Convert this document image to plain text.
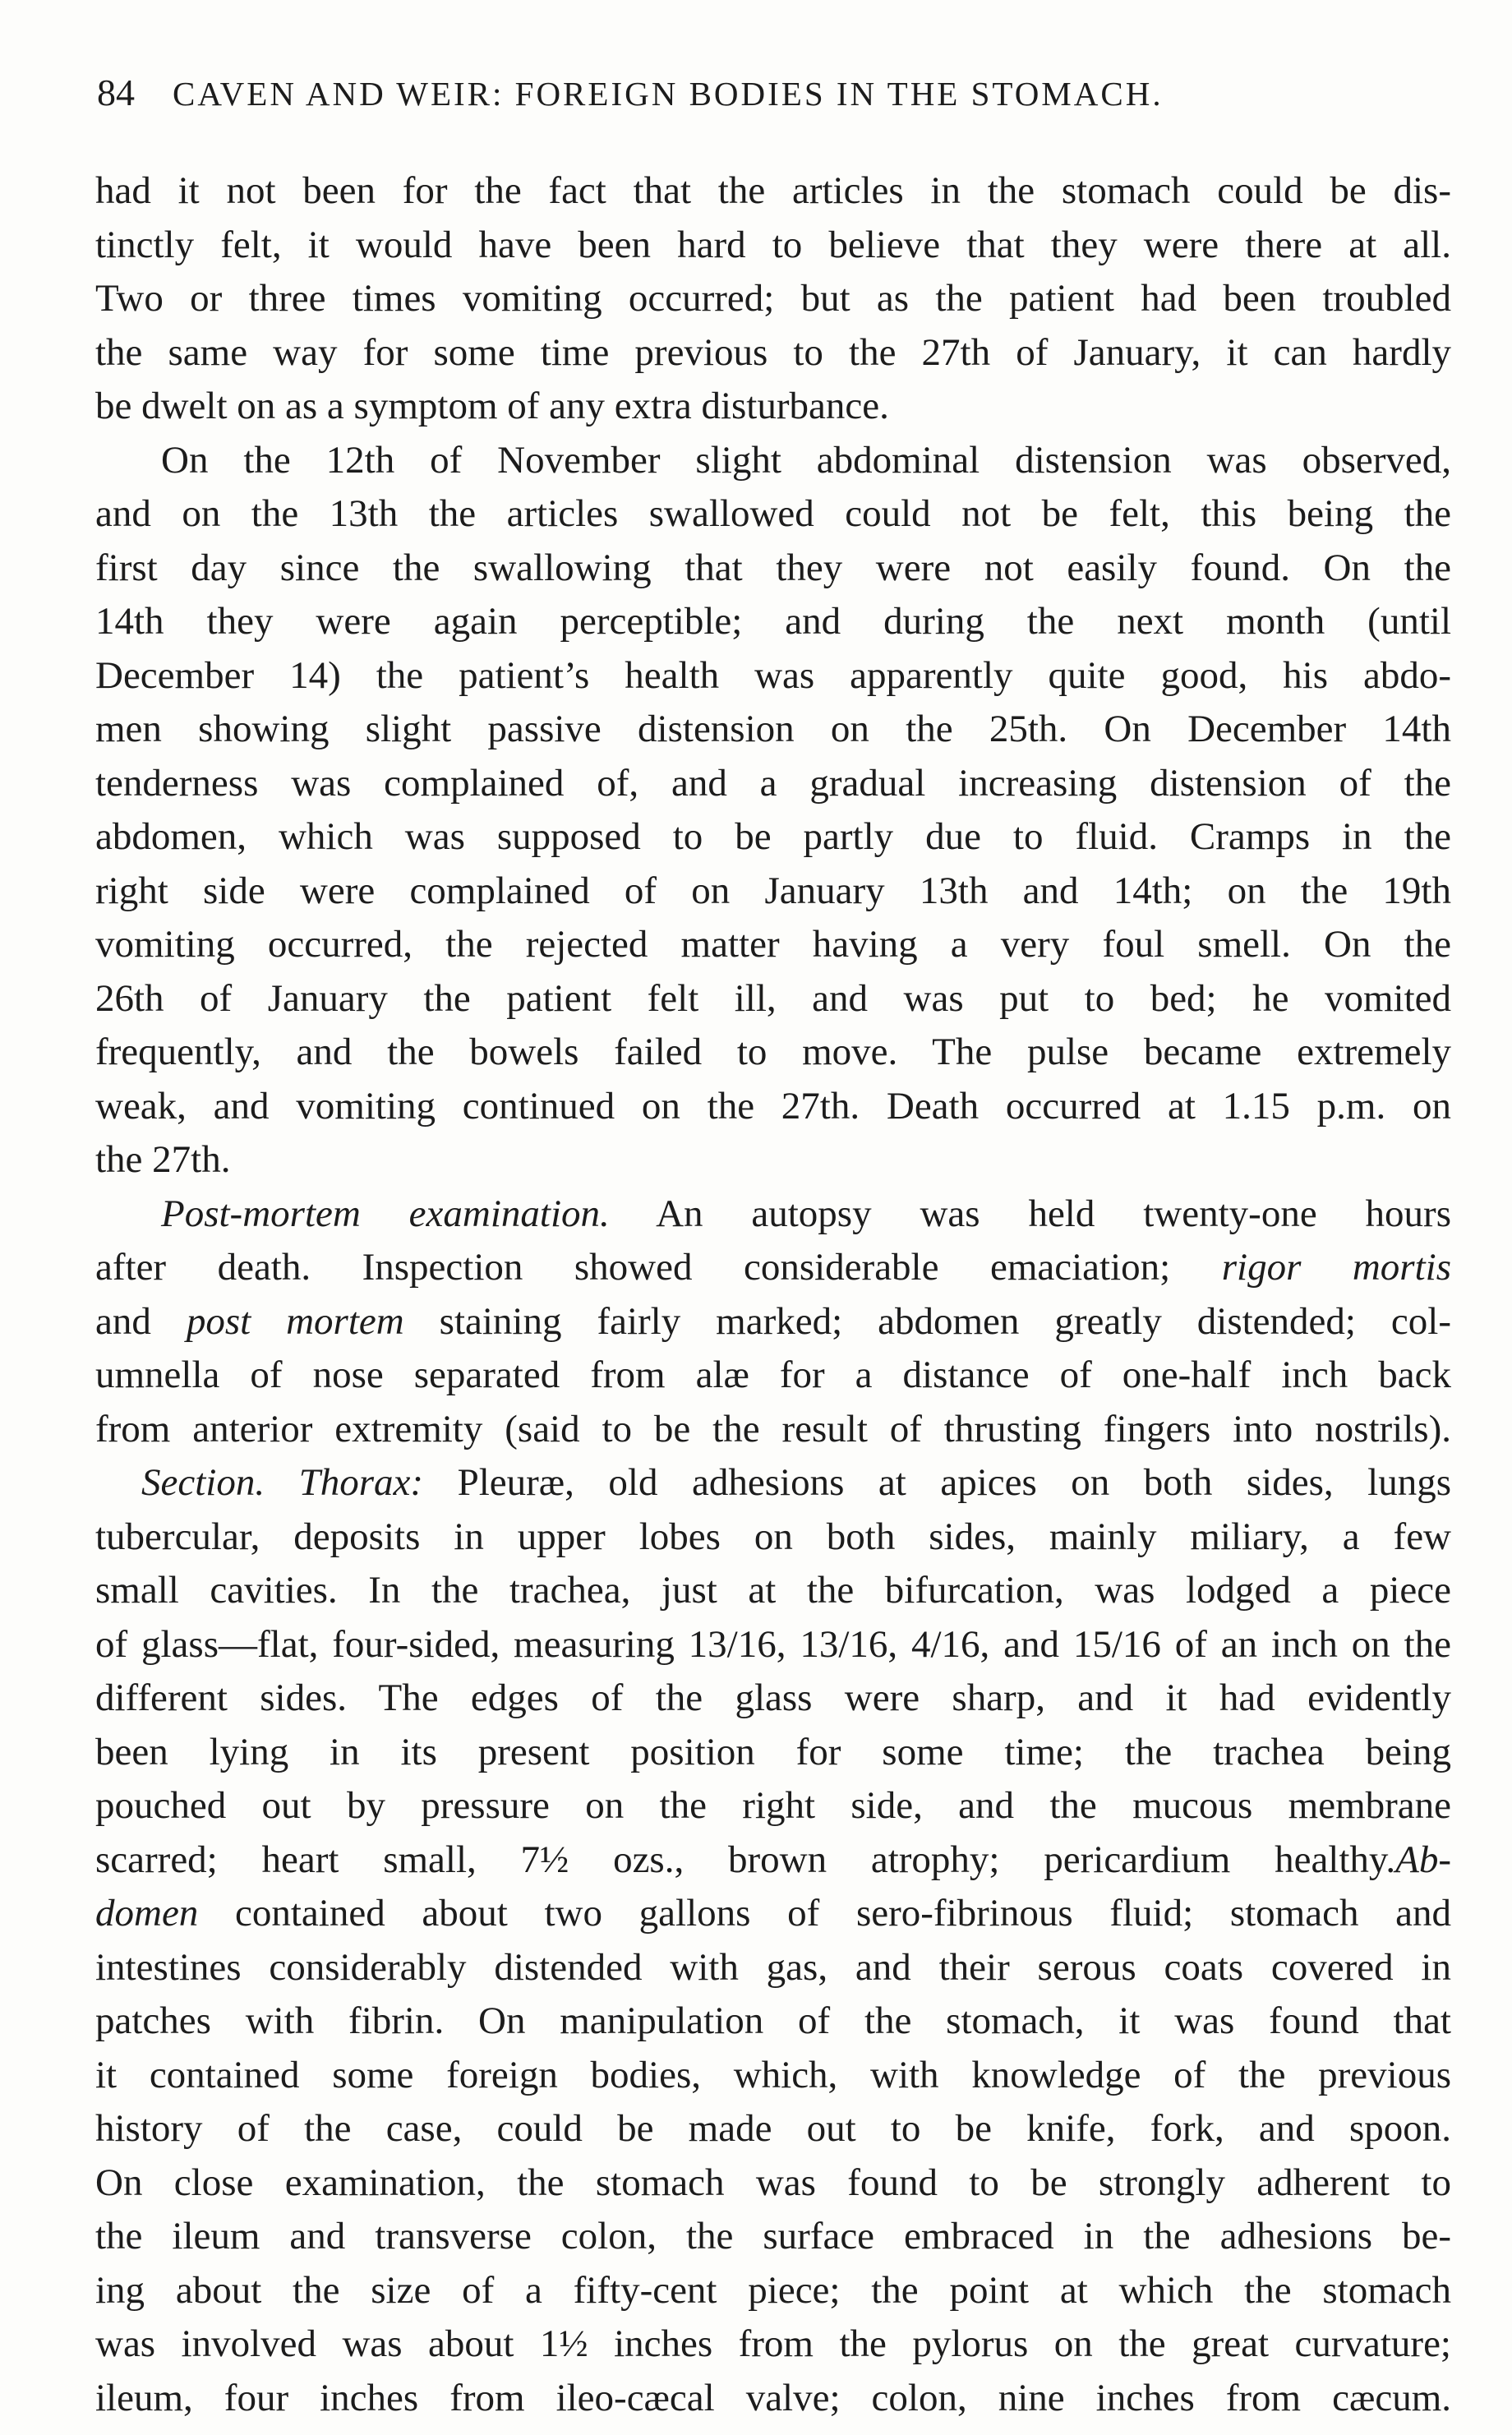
84 CAVEN AND WEIR: FOREIGN BODIES IN THE STOMACH.
had it not been for the fact that the articles in the stomach could be dis-
tinctly felt, it would have been hard to believe that they were there at all.
Two or three times vomiting occurred; but as the patient had been troubled
the same way for some time previous to the 27th of January, it can hardly
be dwelt on as a symptom of any extra disturbance.
On the 12th of November slight abdominal distension was observed,
and on the 13th the articles swallowed could not be felt, this being the
first day since the swallowing that they were not easily found. On the
14th they were again perceptible; and during the next month (until
December 14) the patient’s health was apparently quite good, his abdo-
men showing slight passive distension on the 25th. On December 14th
tenderness was complained of, and a gradual increasing distension of the
abdomen, which was supposed to be partly due to fluid. Cramps in the
right side were complained of on January 13th and 14th; on the 19th
vomiting occurred, the rejected matter having a very foul smell. On the
26th of January the patient felt ill, and was put to bed; he vomited
frequently, and the bowels failed to move. The pulse became extremely
weak, and vomiting continued on the 27th. Death occurred at 1.15 p.m. on
the 27th.
Post-mortem examination. An autopsy was held twenty-one hours
after death. Inspection showed considerable emaciation; rigor mortis
and post mortem staining fairly marked; abdomen greatly distended; col-
umnella of nose separated from alæ for a distance of one-half inch back
from anterior extremity (said to be the result of thrusting fingers into nostrils).
Section. Thorax: Pleuræ, old adhesions at apices on both sides, lungs
tubercular, deposits in upper lobes on both sides, mainly miliary, a few
small cavities. In the trachea, just at the bifurcation, was lodged a piece
of glass—flat, four-sided, measuring 13/16, 13/16, 4/16, and 15/16 of an inch on the
different sides. The edges of the glass were sharp, and it had evidently
been lying in its present position for some time; the trachea being
pouched out by pressure on the right side, and the mucous membrane
scarred; heart small, 7½ ozs., brown atrophy; pericardium healthy.Ab-
domen contained about two gallons of sero-fibrinous fluid; stomach and
intestines considerably distended with gas, and their serous coats covered in
patches with fibrin. On manipulation of the stomach, it was found that
it contained some foreign bodies, which, with knowledge of the previous
history of the case, could be made out to be knife, fork, and spoon.
On close examination, the stomach was found to be strongly adherent to
the ileum and transverse colon, the surface embraced in the adhesions be-
ing about the size of a fifty-cent piece; the point at which the stomach
was involved was about 1½ inches from the pylorus on the great curvature;
ileum, four inches from ileo-cæcal valve; colon, nine inches from cæcum.
